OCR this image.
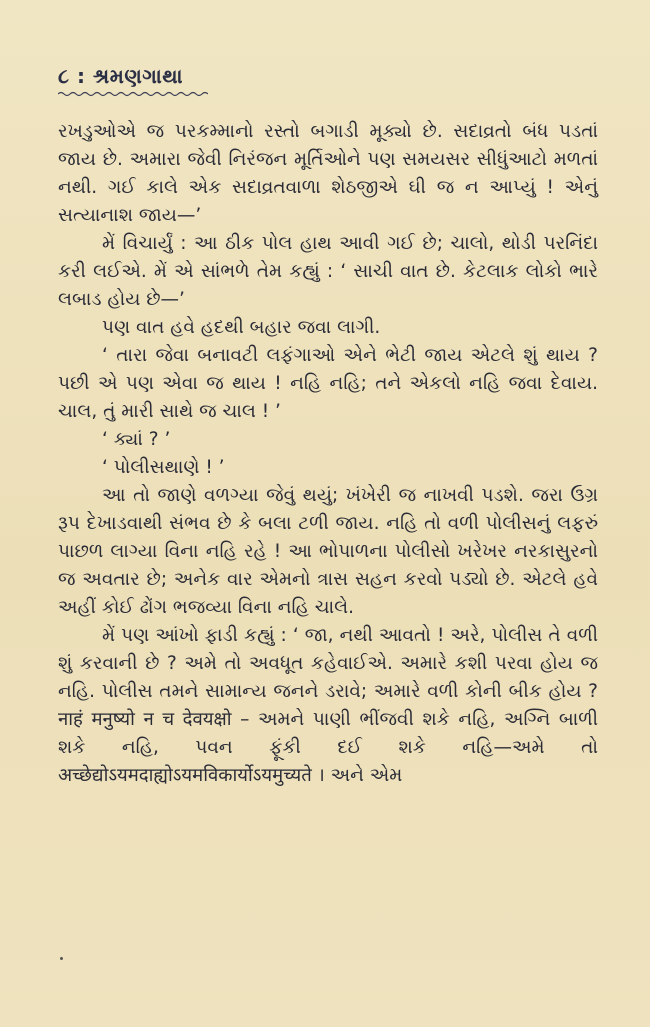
૮ : શ્રમણગાથા

રખડુઓએ જ પરકમ્માનો રસ્તો બગાડી મૂક્યો છે. સદાવ્રતો બંધ પડતાં જાય છે. અમારા જેવી નિરંજન મૂર્તિઓને પણ સમયસર સીધુંઆટો મળતાં નથી. ગઈ કાલે એક સદાવ્રતવાળા શેઠજીએ ઘી જ ન આપ્યું ! એનું સત્યાનાશ જાય—’

મેં વિચાર્યું : આ ઠીક પોલ હાથ આવી ગઈ છે; ચાલો, થોડી પરનિંદા કરી લઈએ. મેં એ સાંભળે તેમ કહ્યું : ‘ સાચી વાત છે. કેટલાક લોકો ભારે લબાડ હોય છે—’

પણ વાત હવે હદથી બહાર જવા લાગી.

‘ તારા જેવા બનાવટી લફંગાઓ એને ભેટી જાય એટલે શું થાય ? પછી એ પણ એવા જ થાય ! નહિ નહિ; તને એકલો નહિ જવા દેવાય. ચાલ, તું મારી સાથે જ ચાલ ! ’

‘ ક્યાં ? ’

‘ પોલીસથાણે ! ’

આ તો જાણે વળગ્યા જેવું થયું; ખંખેરી જ નાખવી પડશે. જરા ઉગ્ર રૂપ દેખાડવાથી સંભવ છે કે બલા ટળી જાય. નહિ તો વળી પોલીસનું લફરું પાછળ લાગ્યા વિના નહિ રહે ! આ ભોપાળના પોલીસો ખરેખર નરકાસુરનો જ અવતાર છે; અનેક વાર એમનો ત્રાસ સહન કરવો પડ્યો છે. એટલે હવે અહીં કોઈ ઢોંગ ભજવ્યા વિના નહિ ચાલે.

મેં પણ આંખો ફાડી કહ્યું : ‘ જા, નથી આવતો ! અરે, પોલીસ તે વળી શું કરવાની છે ? અમે તો અવધૂત કહેવાઈએ. અમારે કશી પરવા હોય જ નહિ. પોલીસ તમને સામાન્ય જનને ડરાવે; અમારે વળી કોની બીક હોય ? नाहं मनुष्यो न च देवयक्षो – અમને પાણી ભીંજવી શકે નહિ, અગ્નિ બાળી શકે નહિ, પવન ફૂંકી દઈ શકે નહિ—અમે તો अच्छेद्योऽयमदाह्योऽयमविकार्योऽयमुच्यते । અને એમ
